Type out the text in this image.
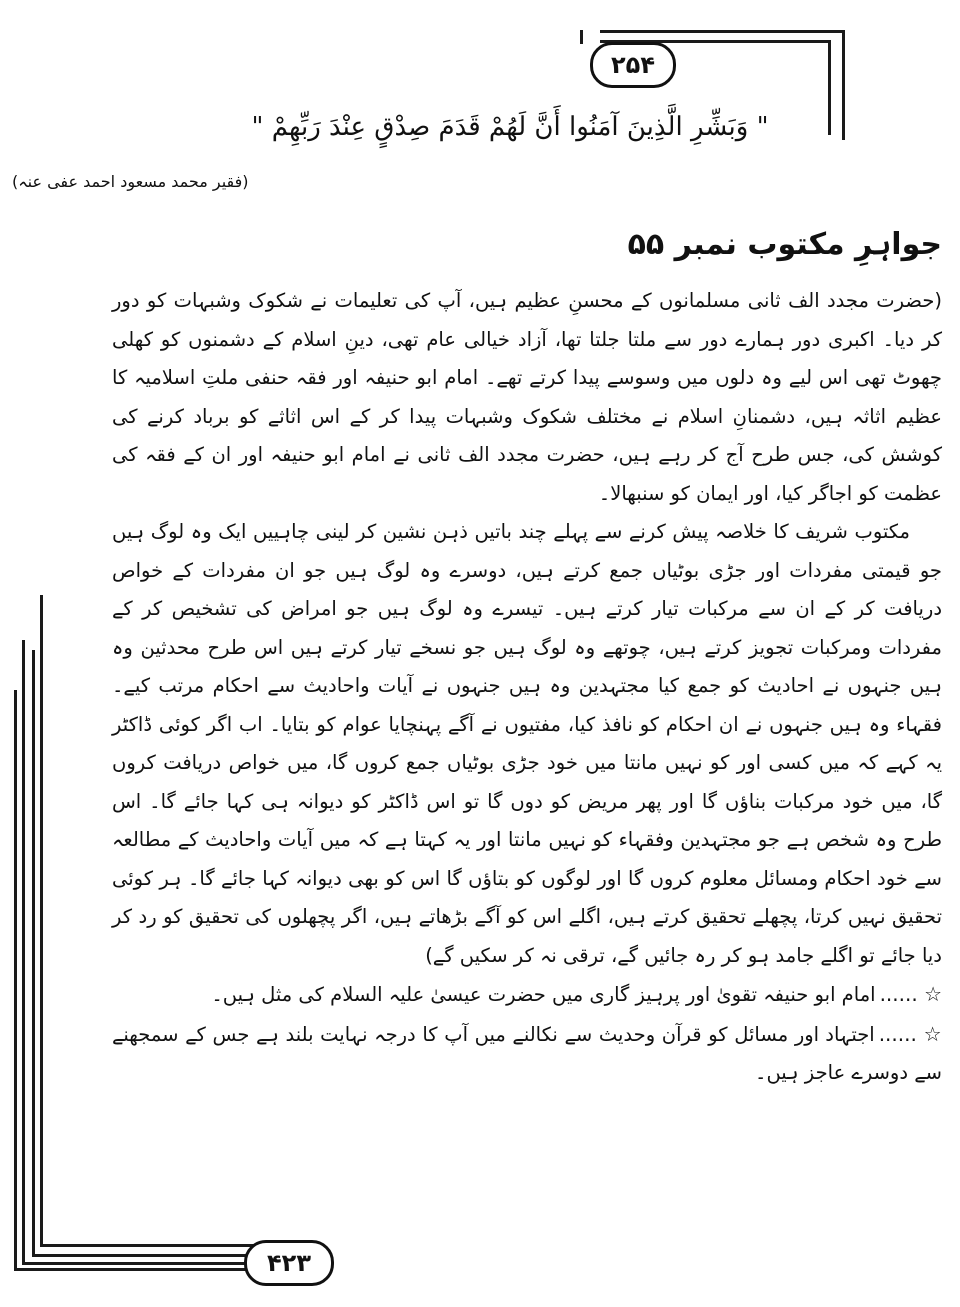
۲۵۴
" وَبَشِّرِ الَّذِينَ آمَنُوا أَنَّ لَهُمْ قَدَمَ صِدْقٍ عِنْدَ رَبِّهِمْ "
(فقیر محمد مسعود احمد عفی عنہ)
جواہرِ مکتوب نمبر ۵۵

(حضرت مجدد الف ثانی مسلمانوں کے محسنِ عظیم ہیں، آپ کی تعلیمات نے شکوک وشبہات کو دور کر دیا۔ اکبری دور ہمارے دور سے ملتا جلتا تھا، آزاد خیالی عام تھی، دینِ اسلام کے دشمنوں کو کھلی چھوٹ تھی اس لیے وہ دلوں میں وسوسے پیدا کرتے تھے۔ امام ابو حنیفہ اور فقہ حنفی ملتِ اسلامیہ کا عظیم اثاثہ ہیں، دشمنانِ اسلام نے مختلف شکوک وشبہات پیدا کر کے اس اثاثے کو برباد کرنے کی کوشش کی، جس طرح آج کر رہے ہیں، حضرت مجدد الف ثانی نے امام ابو حنیفہ اور ان کے فقہ کی عظمت کو اجاگر کیا، اور ایمان کو سنبھالا۔

مکتوب شریف کا خلاصہ پیش کرنے سے پہلے چند باتیں ذہن نشین کر لینی چاہییں ایک وہ لوگ ہیں جو قیمتی مفردات اور جڑی بوٹیاں جمع کرتے ہیں، دوسرے وہ لوگ ہیں جو ان مفردات کے خواص دریافت کر کے ان سے مرکبات تیار کرتے ہیں۔ تیسرے وہ لوگ ہیں جو امراض کی تشخیص کر کے مفردات ومرکبات تجویز کرتے ہیں، چوتھے وہ لوگ ہیں جو نسخے تیار کرتے ہیں اس طرح محدثین وہ ہیں جنہوں نے احادیث کو جمع کیا مجتہدین وہ ہیں جنہوں نے آیات واحادیث سے احکام مرتب کیے۔ فقہاء وہ ہیں جنہوں نے ان احکام کو نافذ کیا، مفتیوں نے آگے پہنچایا عوام کو بتایا۔ اب اگر کوئی ڈاکٹر یہ کہے کہ میں کسی اور کو نہیں مانتا میں خود جڑی بوٹیاں جمع کروں گا، میں خواص دریافت کروں گا، میں خود مرکبات بناؤں گا اور پھر مریض کو دوں گا تو اس ڈاکٹر کو دیوانہ ہی کہا جائے گا۔ اس طرح وہ شخص ہے جو مجتہدین وفقہاء کو نہیں مانتا اور یہ کہتا ہے کہ میں آیات واحادیث کے مطالعہ سے خود احکام ومسائل معلوم کروں گا اور لوگوں کو بتاؤں گا اس کو بھی دیوانہ کہا جائے گا۔ ہر کوئی تحقیق نہیں کرتا، پچھلے تحقیق کرتے ہیں، اگلے اس کو آگے بڑھاتے ہیں، اگر پچھلوں کی تحقیق کو رد کر دیا جائے تو اگلے جامد ہو کر رہ جائیں گے، ترقی نہ کر سکیں گے)

☆ ......امام ابو حنیفہ تقویٰ اور پرہیز گاری میں حضرت عیسیٰ علیہ السلام کی مثل ہیں۔

☆ ......اجتہاد اور مسائل کو قرآن وحدیث سے نکالنے میں آپ کا درجہ نہایت بلند ہے جس کے سمجھنے سے دوسرے عاجز ہیں۔

۴۲۳
